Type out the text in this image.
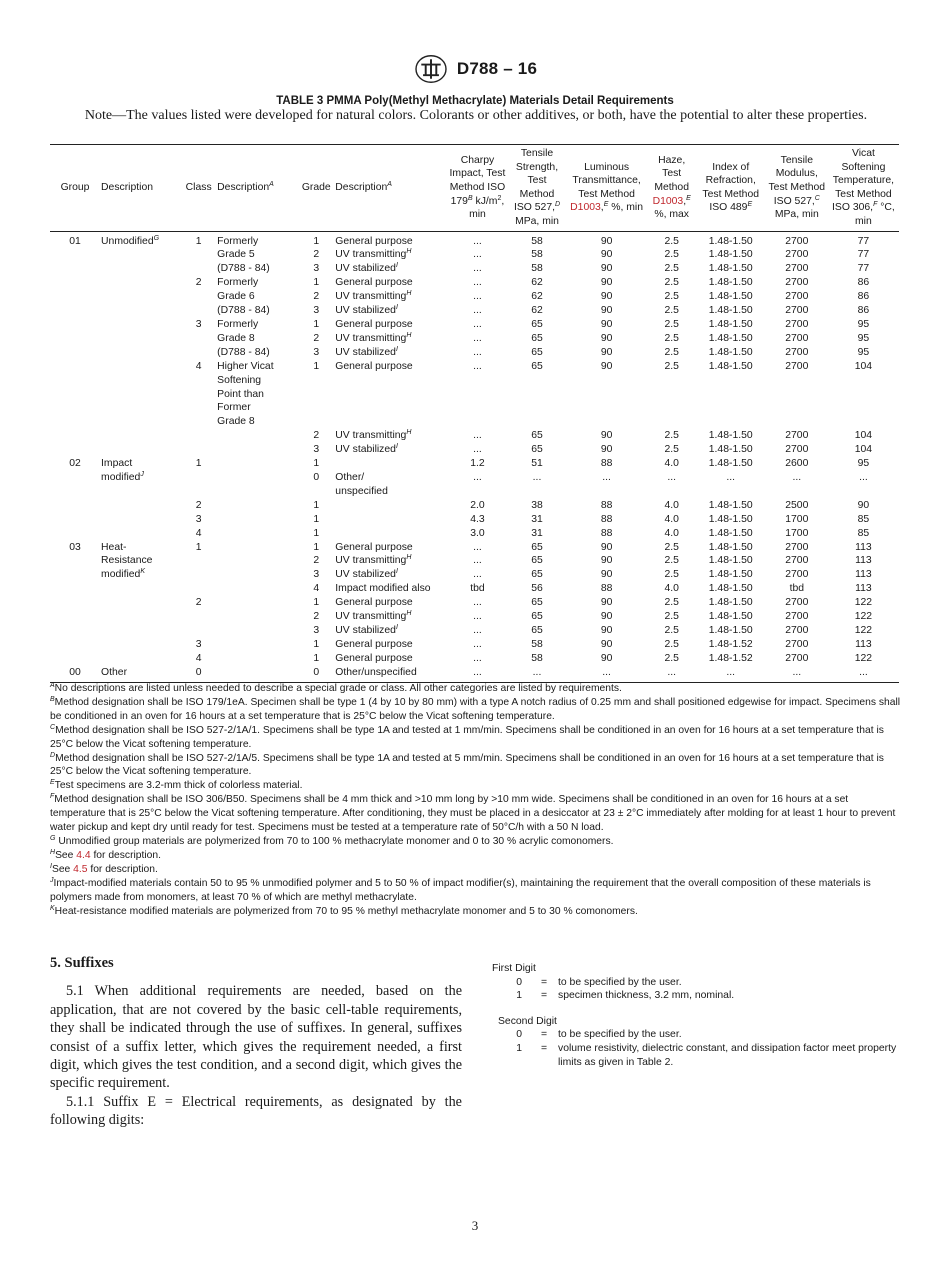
D788 – 16
TABLE 3 PMMA Poly(Methyl Methacrylate) Materials Detail Requirements
Note—The values listed were developed for natural colors. Colorants or other additives, or both, have the potential to alter these properties.
Group	Description	Class	Description$^A$	Grade	Description$^A$	Charpy Impact, Test Method ISO $179^B$ $kJ/m^2$, min	Tensile Strength, Test Method ISO 527,$^D$ MPa, min	Luminous Transmittance, Test Method D1003,$^E$ %, min	Haze, Test Method D1003,$^E$ %, max	Index of Refraction, Test Method ISO $489^E$	Tensile Modulus, Test Method ISO 527,$^C$ MPa, min	Vicat Softening Temperature, Test Method ISO 306,$^F$ °C, min
01	Unmodified$^G$	1	Formerly	1	General purpose	...	58	90	2.5	1.48-1.50	2700	77
			Grade 5	2	UV transmitting$^H$	...	58	90	2.5	1.48-1.50	2700	77
			(D788 - 84)	3	UV stabilized$^I$	...	58	90	2.5	1.48-1.50	2700	77
		2	Formerly	1	General purpose	...	62	90	2.5	1.48-1.50	2700	86
			Grade 6	2	UV transmitting$^H$	...	62	90	2.5	1.48-1.50	2700	86
			(D788 - 84)	3	UV stabilized$^I$	...	62	90	2.5	1.48-1.50	2700	86
		3	Formerly	1	General purpose	...	65	90	2.5	1.48-1.50	2700	95
			Grade 8	2	UV transmitting$^H$	...	65	90	2.5	1.48-1.50	2700	95
			(D788 - 84)	3	UV stabilized$^I$	...	65	90	2.5	1.48-1.50	2700	95
		4	Higher Vicat	1	General purpose	...	65	90	2.5	1.48-1.50	2700	104
			Softening									
			Point than									
			Former									
			Grade 8									
				2	UV transmitting$^H$	...	65	90	2.5	1.48-1.50	2700	104
				3	UV stabilized$^I$	...	65	90	2.5	1.48-1.50	2700	104
02	Impact	1		1		1.2	51	88	4.0	1.48-1.50	2600	95
	modified$^J$			0	Other/	...	...	...	...	...	...	...
					unspecified							
		2		1		2.0	38	88	4.0	1.48-1.50	2500	90
		3		1		4.3	31	88	4.0	1.48-1.50	1700	85
		4		1		3.0	31	88	4.0	1.48-1.50	1700	85
03	Heat-	1		1	General purpose	...	65	90	2.5	1.48-1.50	2700	113
	Resistance			2	UV transmitting$^H$	...	65	90	2.5	1.48-1.50	2700	113
	modified$^K$			3	UV stabilized$^I$	...	65	90	2.5	1.48-1.50	2700	113
				4	Impact modified also	tbd	56	88	4.0	1.48-1.50	tbd	113
		2		1	General purpose	...	65	90	2.5	1.48-1.50	2700	122
				2	UV transmitting$^H$	...	65	90	2.5	1.48-1.50	2700	122
				3	UV stabilized$^I$	...	65	90	2.5	1.48-1.50	2700	122
		3		1	General purpose	...	58	90	2.5	1.48-1.52	2700	113
		4		1	General purpose	...	58	90	2.5	1.48-1.52	2700	122
00	Other	0		0	Other/unspecified	...	...	...	...	...	...	...

$^A$No descriptions are listed unless needed to describe a special grade or class. All other categories are listed by requirements.

$^B$Method designation shall be ISO 179/1eA. Specimen shall be type 1 (4 by 10 by 80 mm) with a type A notch radius of 0.25 mm and shall positioned edgewise for impact. Specimens shall be conditioned in an oven for 16 hours at a set temperature that is 25°C below the Vicat softening temperature.

$^C$Method designation shall be ISO 527-2/1A/1. Specimens shall be type 1A and tested at 1 mm/min. Specimens shall be conditioned in an oven for 16 hours at a set temperature that is 25°C below the Vicat softening temperature.

$^D$Method designation shall be ISO 527-2/1A/5. Specimens shall be type 1A and tested at 5 mm/min. Specimens shall be conditioned in an oven for 16 hours at a set temperature that is 25°C below the Vicat softening temperature.

$^E$Test specimens are 3.2-mm thick of colorless material.

$^F$Method designation shall be ISO 306/B50. Specimens shall be 4 mm thick and >10 mm long by >10 mm wide. Specimens shall be conditioned in an oven for 16 hours at a set temperature that is 25°C below the Vicat softening temperature. After conditioning, they must be placed in a desiccator at 23 ± 2°C immediately after molding for at least 1 hour to prevent water pickup and kept dry until ready for test. Specimens must be tested at a temperature rate of 50°C/h with a 50 N load.

$^G$ Unmodified group materials are polymerized from 70 to 100 % methacrylate monomer and 0 to 30 % acrylic comonomers.

$^H$See 4.4 for description.

$^I$See 4.5 for description.

$^J$Impact-modified materials contain 50 to 95 % unmodified polymer and 5 to 50 % of impact modifier(s), maintaining the requirement that the overall composition of these materials is polymers made from monomers, at least 70 % of which are methyl methacrylate.

$^K$Heat-resistance modified materials are polymerized from 70 to 95 % methyl methacrylate monomer and 5 to 30 % comonomers.

5. Suffixes

5.1 When additional requirements are needed, based on the application, that are not covered by the basic cell-table requirements, they shall be indicated through the use of suffixes. In general, suffixes consist of a suffix letter, which gives the requirement needed, a first digit, which gives the test condition, and a second digit, which gives the specific requirement.

5.1.1 Suffix E = Electrical requirements, as designated by the following digits:

First Digit

0	=	to be specified by the user.
1	=	specimen thickness, 3.2 mm, nominal.

Second Digit

0	=	to be specified by the user.
1	=	volume resistivity, dielectric constant, and dissipation factor meet property limits as given in Table 2.
3
